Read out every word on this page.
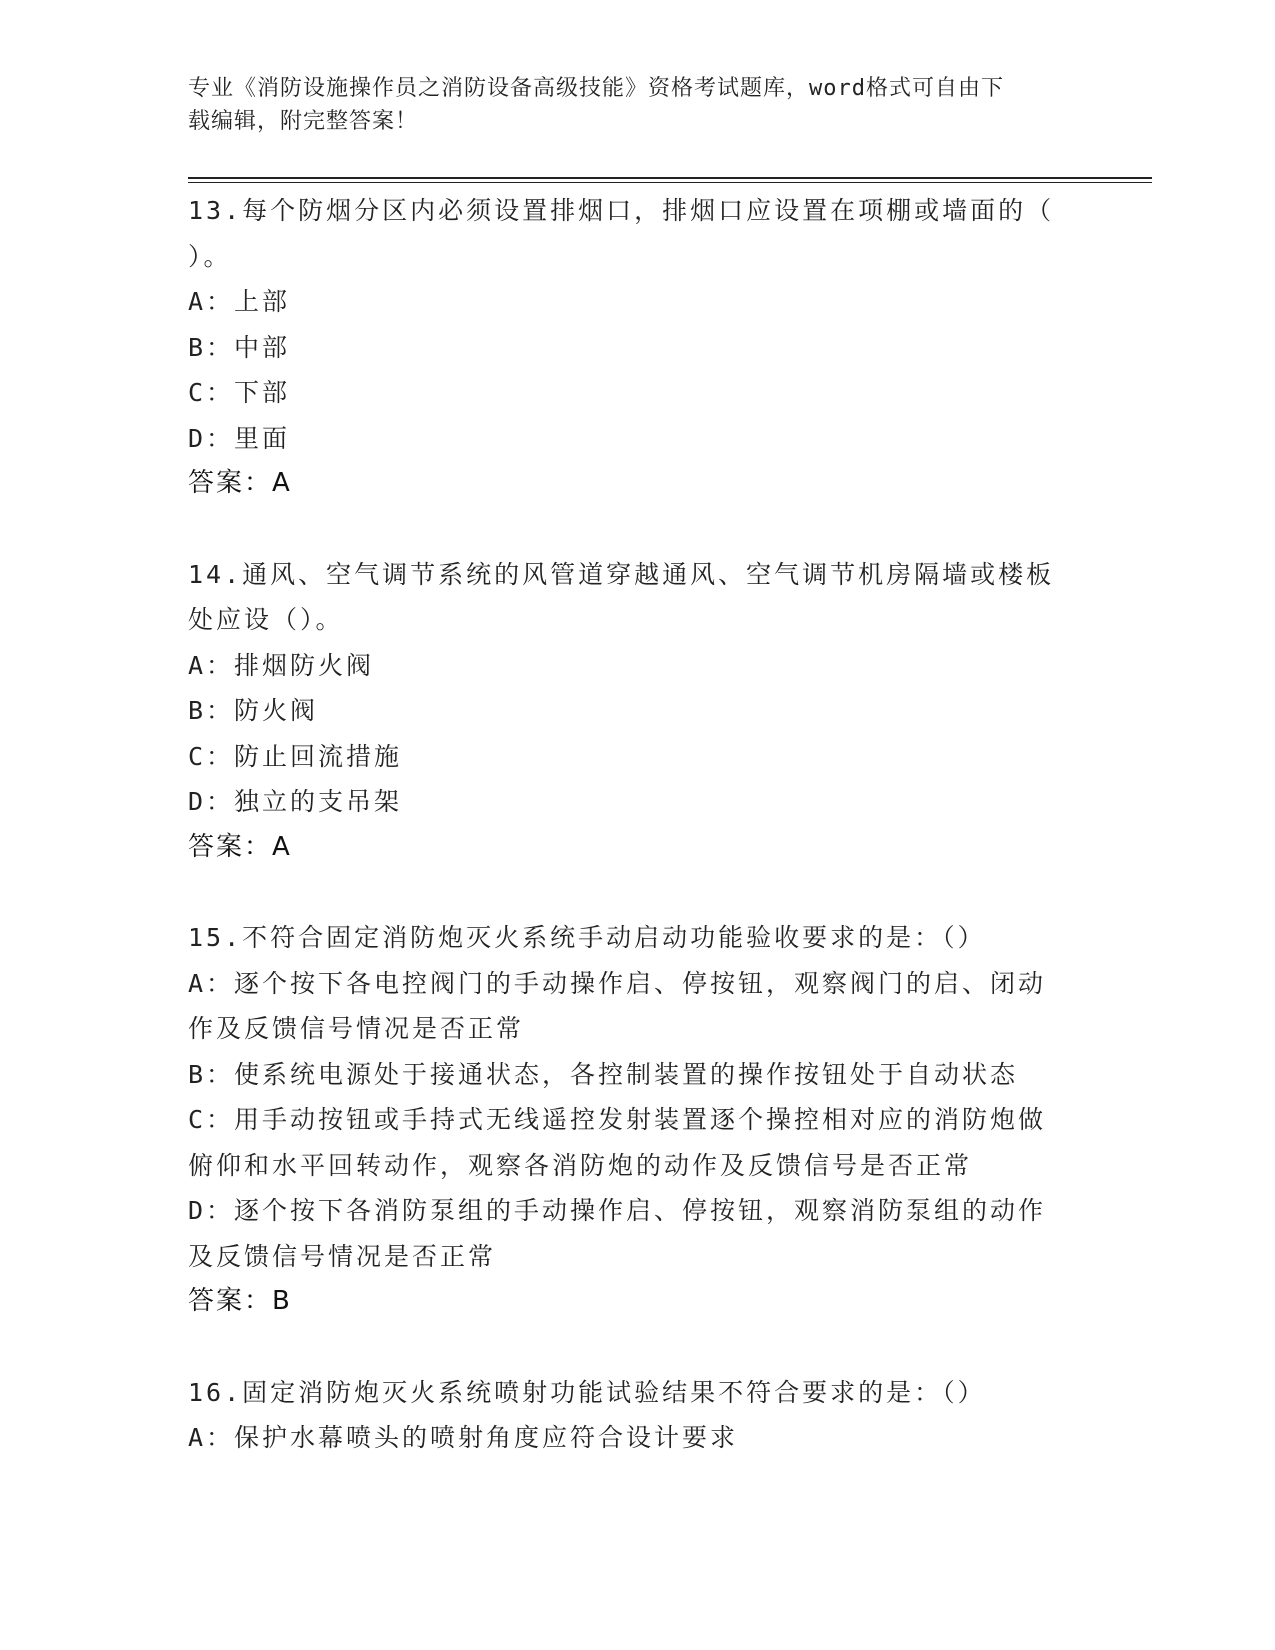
专业《消防设施操作员之消防设备高级技能》资格考试题库，word格式可自由下
载编辑，附完整答案！
13.每个防烟分区内必须设置排烟口，排烟口应设置在项棚或墙面的（
）。
A：上部
B：中部
C：下部
D：里面
答案：A
14.通风、空气调节系统的风管道穿越通风、空气调节机房隔墙或楼板
处应设（）。
A：排烟防火阀
B：防火阀
C：防止回流措施
D：独立的支吊架
答案：A
15.不符合固定消防炮灭火系统手动启动功能验收要求的是：（）
A：逐个按下各电控阀门的手动操作启、停按钮，观察阀门的启、闭动
作及反馈信号情况是否正常
B：使系统电源处于接通状态，各控制装置的操作按钮处于自动状态
C：用手动按钮或手持式无线遥控发射装置逐个操控相对应的消防炮做
俯仰和水平回转动作，观察各消防炮的动作及反馈信号是否正常
D：逐个按下各消防泵组的手动操作启、停按钮，观察消防泵组的动作
及反馈信号情况是否正常
答案：B
16.固定消防炮灭火系统喷射功能试验结果不符合要求的是：（）
A：保护水幕喷头的喷射角度应符合设计要求
